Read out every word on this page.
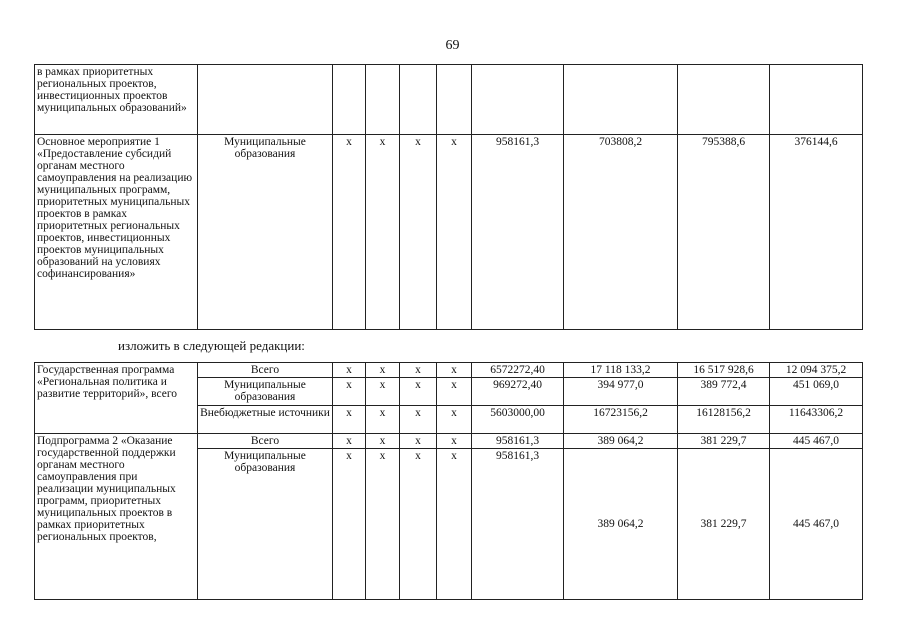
69
в рамках приоритетных региональных проектов, инвестиционных проектов муниципальных образований»									
Основное мероприятие 1 «Предоставление субсидий органам местного самоуправления на реализацию муниципальных программ, приоритетных муниципальных проектов в рамках приоритетных региональных проектов, инвестиционных проектов муниципальных образований на условиях софинансирования»	Муниципальные образования	х	х	х	х	958161,3	703808,2	795388,6	376144,6
изложить в следующей редакции:
Государственная программа «Региональная политика и развитие территорий», всего	Всего	х	х	х	х	6572272,40	17 118 133,2	16 517 928,6	12 094 375,2
	Муниципальные образования	х	х	х	х	969272,40	394 977,0	389 772,4	451 069,0
	Внебюджетные источники	х	х	х	х	5603000,00	16723156,2	16128156,2	11643306,2
Подпрограмма 2 «Оказание государственной поддержки органам местного самоуправления при реализации муниципальных программ, приоритетных муниципальных проектов в рамках приоритетных региональных проектов,	Всего	х	х	х	х	958161,3	389 064,2	381 229,7	445 467,0
	Муниципальные образования	х	х	х	х	958161,3	389 064,2	381 229,7	445 467,0
